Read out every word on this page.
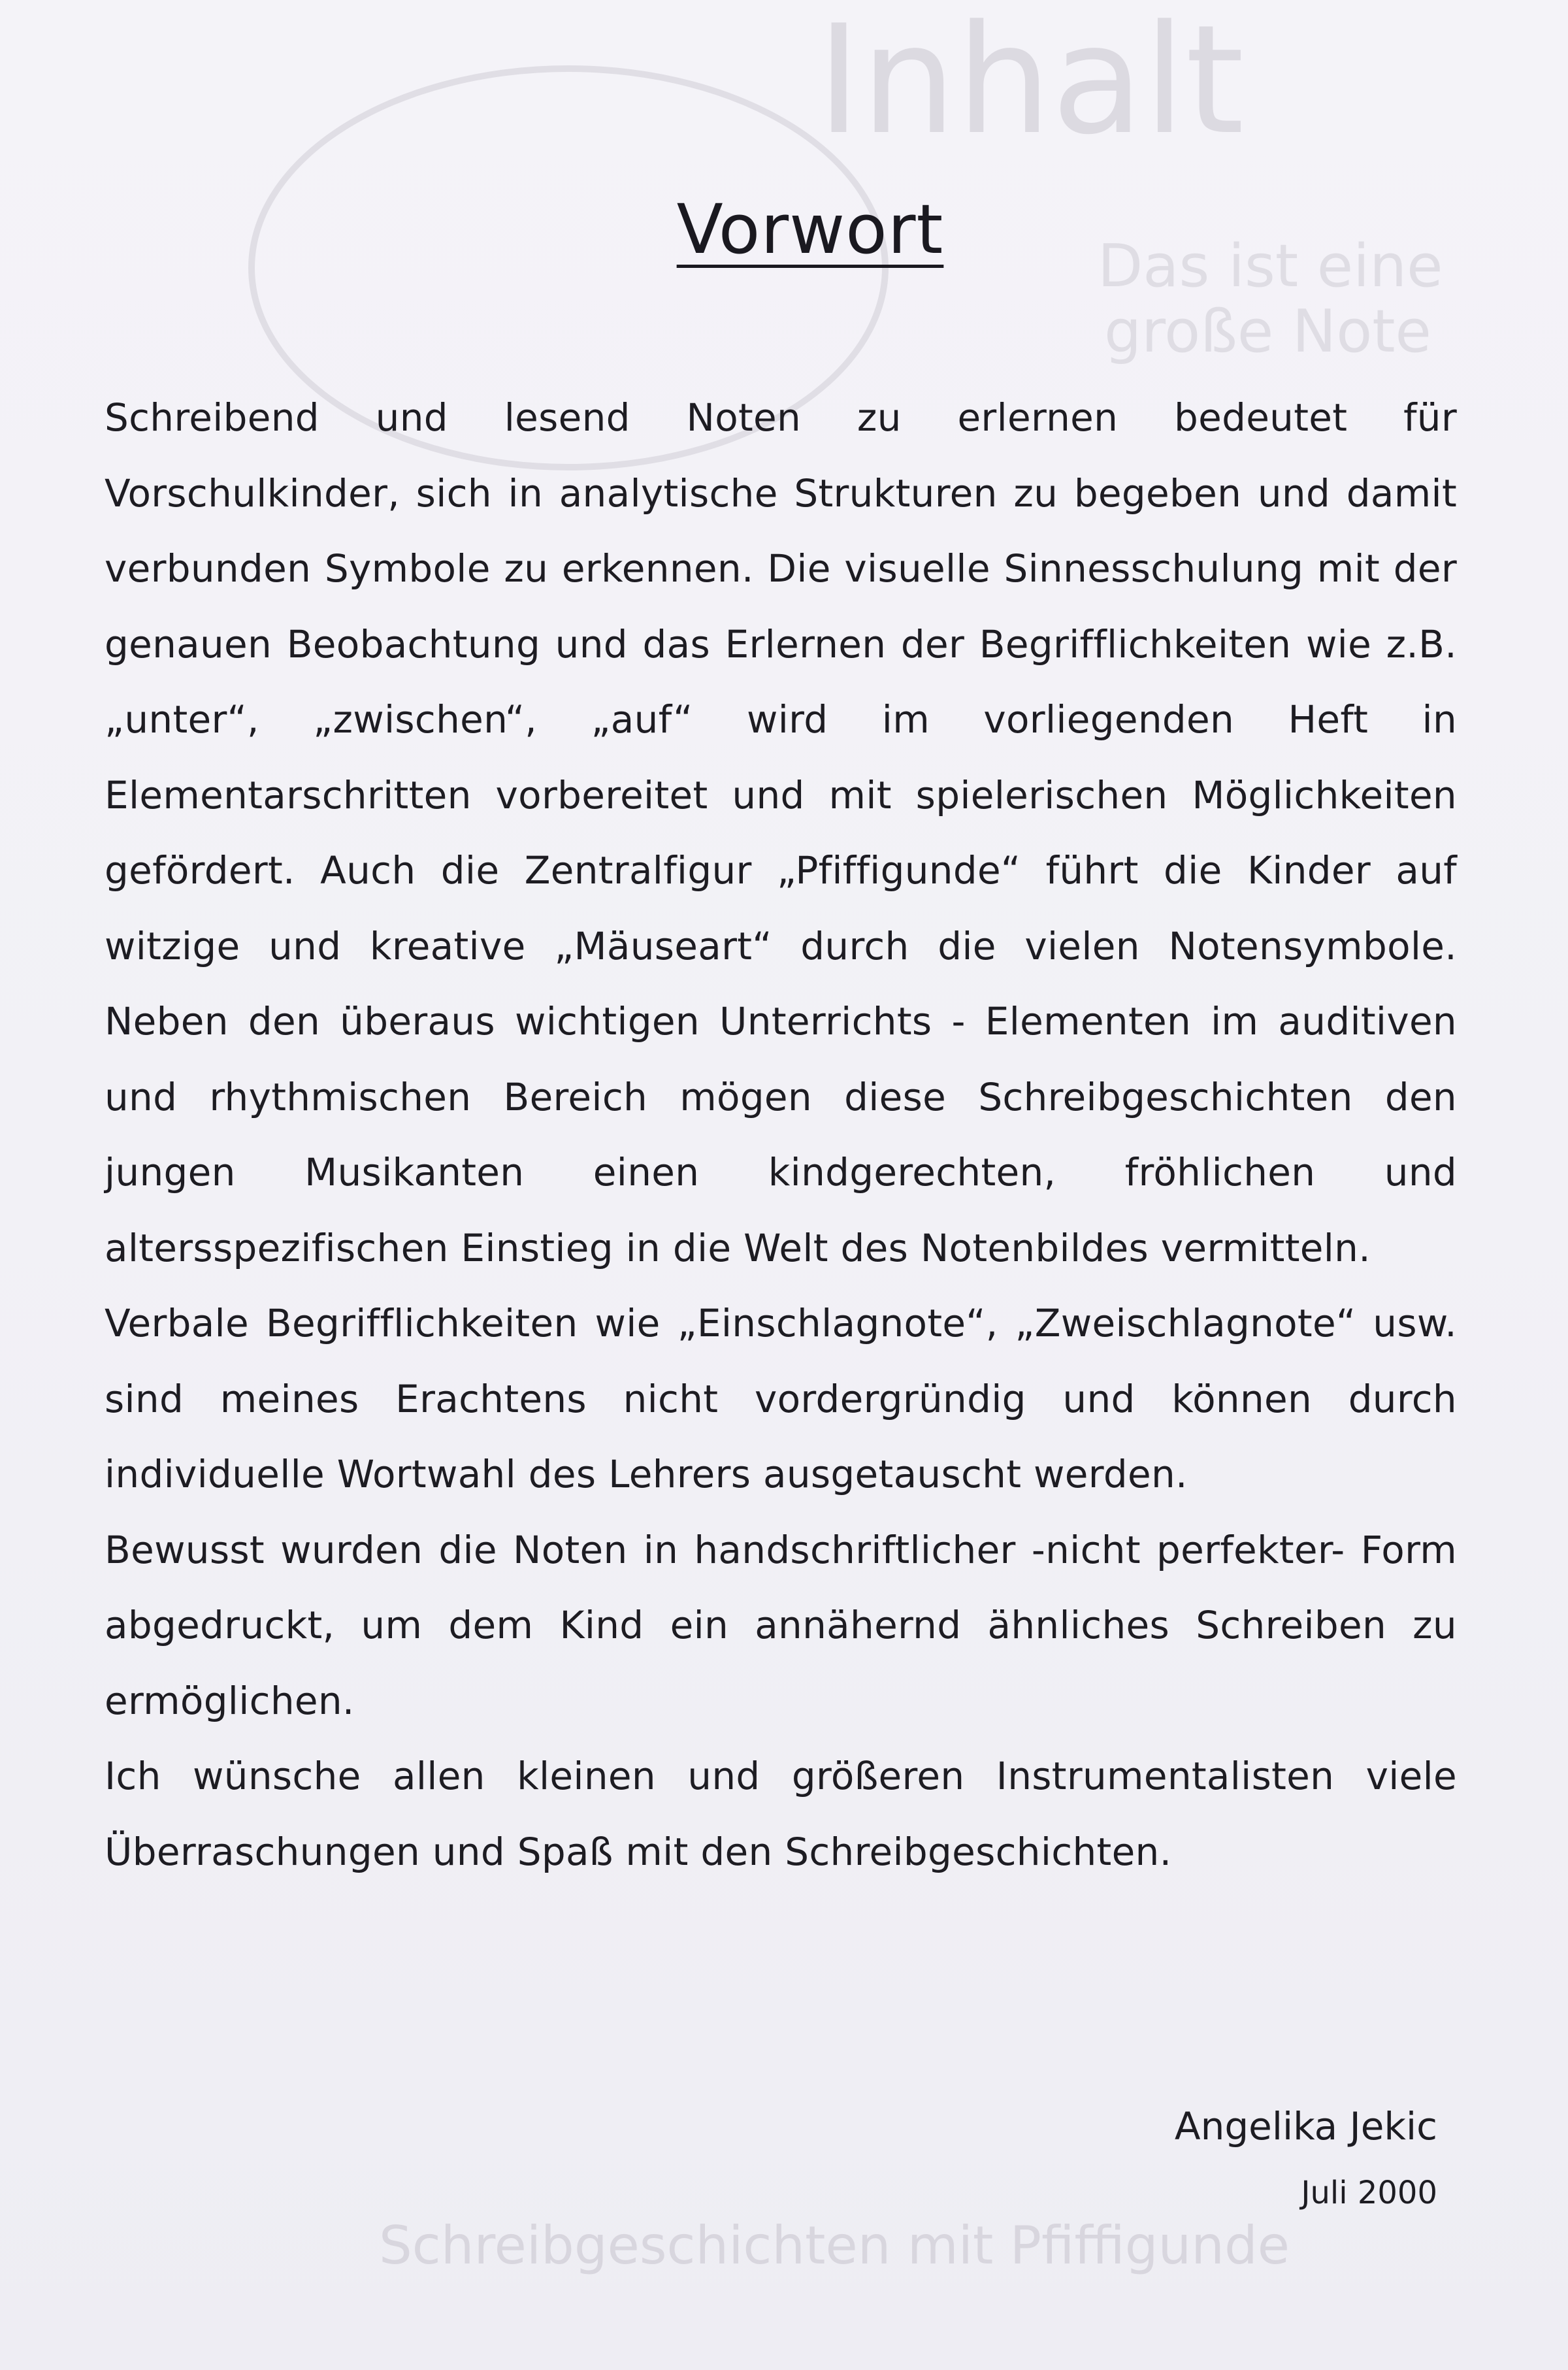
Inhalt
Das ist eine
große Note
Schreibgeschichten mit Pfiffigunde
Vorwort

Schreibend und lesend Noten zu erlernen bedeutet für Vorschulkinder, sich in analytische Strukturen zu begeben und damit verbunden Symbole zu erkennen. Die visuelle Sinnesschulung mit der genauen Beobachtung und das Erlernen der Begrifflichkeiten wie z.B. „unter“, „zwischen“, „auf“ wird im vorliegenden Heft in Elementarschritten vorbereitet und mit spielerischen Möglichkeiten gefördert. Auch die Zentralfigur „Pfiffigunde“ führt die Kinder auf witzige und kreative „Mäuseart“ durch die vielen Notensymbole. Neben den überaus wichtigen Unterrichts - Elementen im auditiven und rhythmischen Bereich mögen diese Schreibgeschichten den jungen Musikanten einen kindgerechten, fröhlichen und altersspezifischen Einstieg in die Welt des Notenbildes vermitteln.

Verbale Begrifflichkeiten wie „Einschlagnote“, „Zweischlagnote“ usw. sind meines Erachtens nicht vordergründig und können durch individuelle Wortwahl des Lehrers ausgetauscht werden.

Bewusst wurden die Noten in handschriftlicher -nicht perfekter- Form abgedruckt, um dem Kind ein annähernd ähnliches Schreiben zu ermöglichen.

Ich wünsche allen kleinen und größeren Instrumentalisten viele Überraschungen und Spaß mit den Schreibgeschichten.

Angelika Jekic
Juli 2000
